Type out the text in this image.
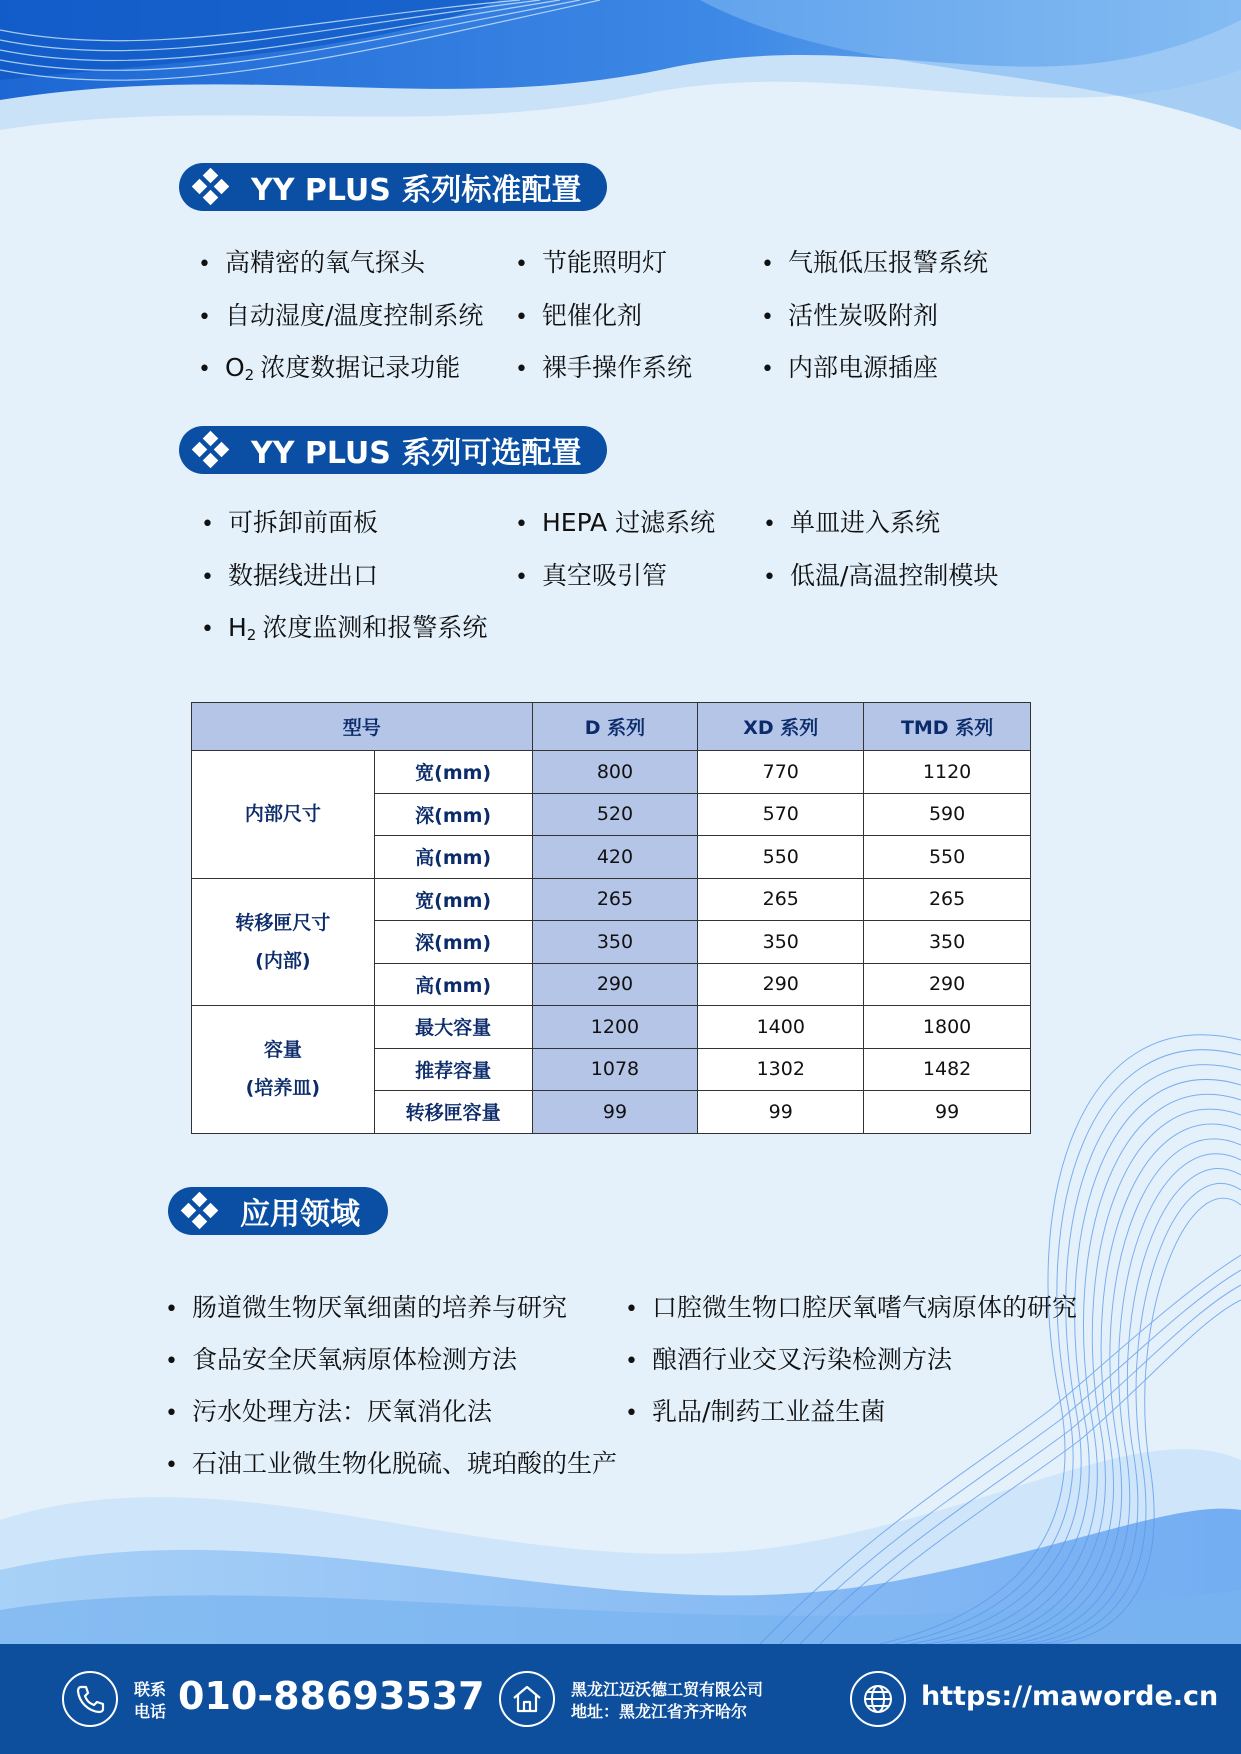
YY PLUS 系列标准配置
• 高精密的氧气探头	• 节能照明灯	• 气瓶低压报警系统
• 自动湿度/温度控制系统	• 钯催化剂	• 活性炭吸附剂
• $O_2$ 浓度数据记录功能	• 裸手操作系统	• 内部电源插座
YY PLUS 系列可选配置
• 可拆卸前面板	• HEPA 过滤系统	• 单皿进入系统
• 数据线进出口	• 真空吸引管	• 低温/高温控制模块
• $H_2$ 浓度监测和报警系统
型号		D 系列	XD 系列	TMD 系列

内部尺寸	宽(mm)	800	770	1120
	深(mm)	520	570	590
	高(mm)	420	550	550

转移匣尺寸
(内部)	宽(mm)	265	265	265
	深(mm)	350	350	350
	高(mm)	290	290	290

容量
(培养皿)	最大容量	1200	1400	1800
	推荐容量	1078	1302	1482
	转移匣容量	99	99	99
应用领域
• 肠道微生物厌氧细菌的培养与研究	• 口腔微生物口腔厌氧嗜气病原体的研究
• 食品安全厌氧病原体检测方法	• 酿酒行业交叉污染检测方法
• 污水处理方法：厌氧消化法	• 乳品/制药工业益生菌
• 石油工业微生物化脱硫、琥珀酸的生产
联系
电话 010-88693537	黑龙江迈沃德工贸有限公司
地址：黑龙江省齐齐哈尔	https://maworde.cn
